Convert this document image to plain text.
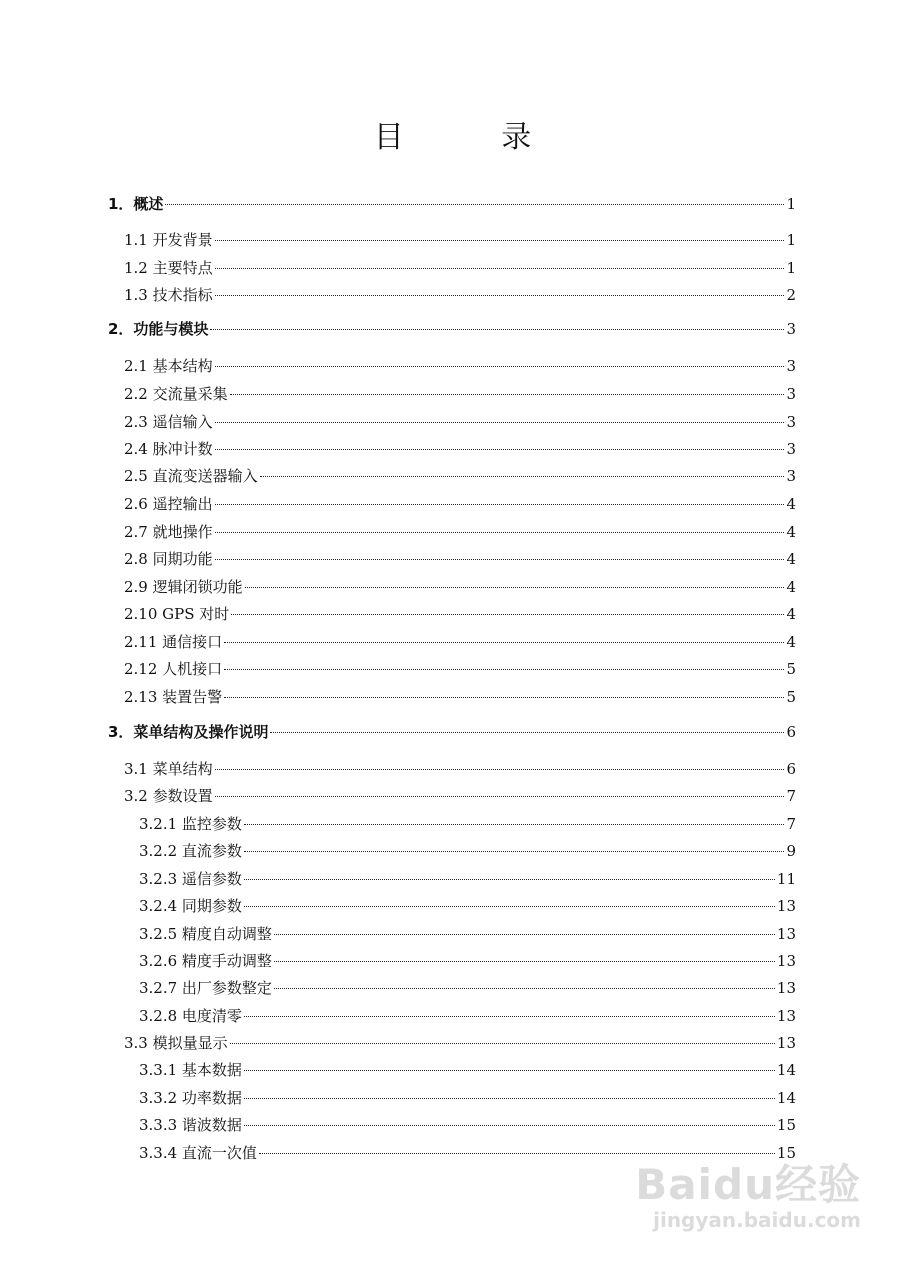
目 录
1．概述	1
1.1 开发背景	1
1.2 主要特点	1
1.3 技术指标	2
2．功能与模块	3
2.1 基本结构	3
2.2 交流量采集	3
2.3 遥信输入	3
2.4 脉冲计数	3
2.5 直流变送器输入	3
2.6 遥控输出	4
2.7 就地操作	4
2.8 同期功能	4
2.9 逻辑闭锁功能	4
2.10 GPS 对时	4
2.11 通信接口	4
2.12 人机接口	5
2.13 装置告警	5
3．菜单结构及操作说明	6
3.1 菜单结构	6
3.2 参数设置	7
3.2.1 监控参数	7
3.2.2 直流参数	9
3.2.3 遥信参数	11
3.2.4 同期参数	13
3.2.5 精度自动调整	13
3.2.6 精度手动调整	13
3.2.7 出厂参数整定	13
3.2.8 电度清零	13
3.3 模拟量显示	13
3.3.1 基本数据	14
3.3.2 功率数据	14
3.3.3 谐波数据	15
3.3.4 直流一次值	15
Baidu经验
jingyan.baidu.com
